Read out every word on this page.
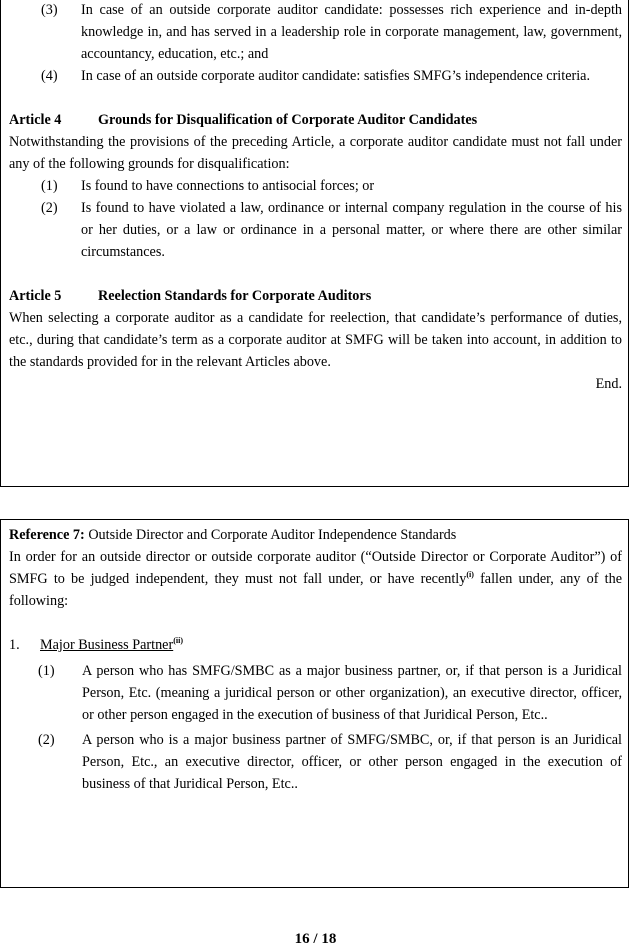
(3) In case of an outside corporate auditor candidate: possesses rich experience and in-depth knowledge in, and has served in a leadership role in corporate management, law, government, accountancy, education, etc.; and
(4) In case of an outside corporate auditor candidate: satisfies SMFG’s independence criteria.

Article 4	Grounds for Disqualification of Corporate Auditor Candidates

Notwithstanding the provisions of the preceding Article, a corporate auditor candidate must not fall under any of the following grounds for disqualification:

(1) Is found to have connections to antisocial forces; or
(2) Is found to have violated a law, ordinance or internal company regulation in the course of his or her duties, or a law or ordinance in a personal matter, or where there are other similar circumstances.

Article 5	Reelection Standards for Corporate Auditors

When selecting a corporate auditor as a candidate for reelection, that candidate’s performance of duties, etc., during that candidate’s term as a corporate auditor at SMFG will be taken into account, in addition to the standards provided for in the relevant Articles above.

End.

Reference 7: Outside Director and Corporate Auditor Independence Standards

In order for an outside director or outside corporate auditor (“Outside Director or Corporate Auditor”) of SMFG to be judged independent, they must not fall under, or have recently$^{(i)}$ fallen under, any of the following:

1. Major Business Partner$^{(ii)}$

(1) A person who has SMFG/SMBC as a major business partner, or, if that person is a Juridical Person, Etc. (meaning a juridical person or other organization), an executive director, officer, or other person engaged in the execution of business of that Juridical Person, Etc..
(2) A person who is a major business partner of SMFG/SMBC, or, if that person is an Juridical Person, Etc., an executive director, officer, or other person engaged in the execution of business of that Juridical Person, Etc..
16 / 18
